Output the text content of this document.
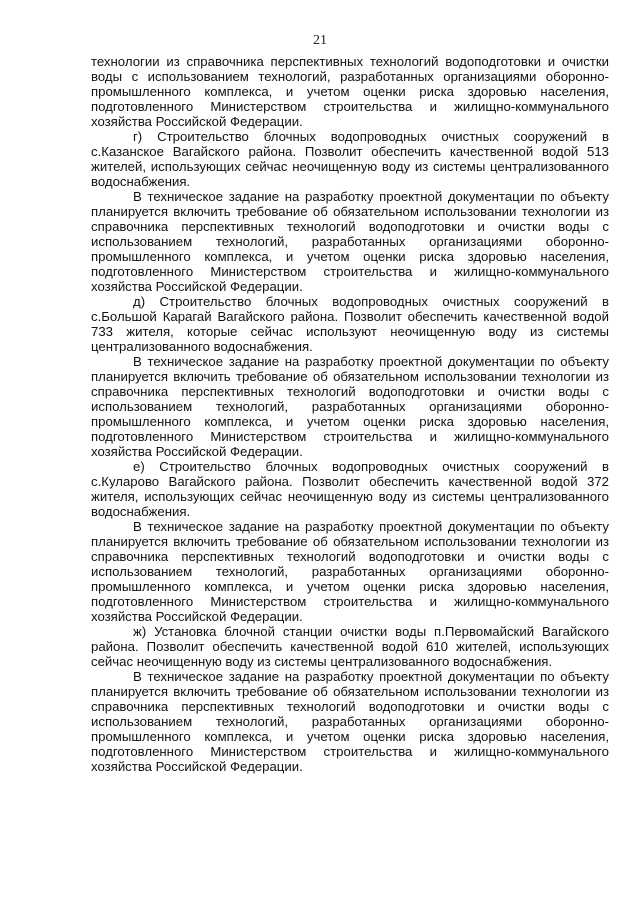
21

технологии из справочника перспективных технологий водоподготовки и очистки воды с использованием технологий, разработанных организациями оборонно-промышленного комплекса, и учетом оценки риска здоровью населения, подготовленного Министерством строительства и жилищно-коммунального хозяйства Российской Федерации.

г) Строительство блочных водопроводных очистных сооружений в с.Казанское Вагайского района. Позволит обеспечить качественной водой 513 жителей, использующих сейчас неочищенную воду из системы централизованного водоснабжения.

В техническое задание на разработку проектной документации по объекту планируется включить требование об обязательном использовании технологии из справочника перспективных технологий водоподготовки и очистки воды с использованием технологий, разработанных организациями оборонно-промышленного комплекса, и учетом оценки риска здоровью населения, подготовленного Министерством строительства и жилищно-коммунального хозяйства Российской Федерации.

д) Строительство блочных водопроводных очистных сооружений в с.Большой Карагай Вагайского района. Позволит обеспечить качественной водой 733 жителя, которые сейчас используют неочищенную воду из системы централизованного водоснабжения.

В техническое задание на разработку проектной документации по объекту планируется включить требование об обязательном использовании технологии из справочника перспективных технологий водоподготовки и очистки воды с использованием технологий, разработанных организациями оборонно-промышленного комплекса, и учетом оценки риска здоровью населения, подготовленного Министерством строительства и жилищно-коммунального хозяйства Российской Федерации.

е) Строительство блочных водопроводных очистных сооружений в с.Куларово Вагайского района. Позволит обеспечить качественной водой 372 жителя, использующих сейчас неочищенную воду из системы централизованного водоснабжения.

В техническое задание на разработку проектной документации по объекту планируется включить требование об обязательном использовании технологии из справочника перспективных технологий водоподготовки и очистки воды с использованием технологий, разработанных организациями оборонно-промышленного комплекса, и учетом оценки риска здоровью населения, подготовленного Министерством строительства и жилищно-коммунального хозяйства Российской Федерации.

ж) Установка блочной станции очистки воды п.Первомайский Вагайского района. Позволит обеспечить качественной водой 610 жителей, использующих сейчас неочищенную воду из системы централизованного водоснабжения.

В техническое задание на разработку проектной документации по объекту планируется включить требование об обязательном использовании технологии из справочника перспективных технологий водоподготовки и очистки воды с использованием технологий, разработанных организациями оборонно-промышленного комплекса, и учетом оценки риска здоровью населения, подготовленного Министерством строительства и жилищно-коммунального хозяйства Российской Федерации.
